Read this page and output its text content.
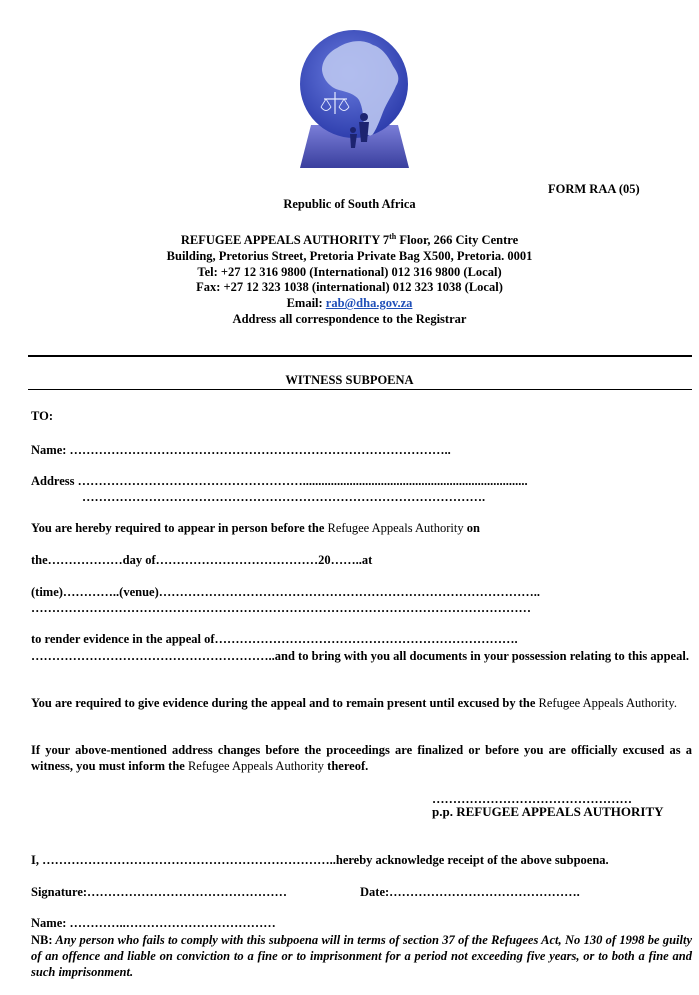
FORM RAA (05)
Republic of South Africa
REFUGEE APPEALS AUTHORITY 7th Floor, 266 City Centre
Building, Pretorius Street, Pretoria Private Bag X500, Pretoria. 0001
Tel: +27 12 316 9800 (International) 012 316 9800 (Local)
Fax: +27 12 323 1038 (international) 012 323 1038 (Local)
Email: rab@dha.gov.za
Address all correspondence to the Registrar
WITNESS SUBPOENA
TO:
Name: ………………………………………………………………………………..
Address ………………………………………………........................................................................
…………………………………………………………………………………….
You are hereby required to appear in person before the Refugee Appeals Authority on
the………………day of…………………………………20……..at
(time)…………..(venue)………………………………………………………………………………..
…………………………………………………………………………………………………………
to render evidence in the appeal of……………………………………………………………….
…………………………………………………..and to bring with you all documents in your possession relating to this appeal.
You are required to give evidence during the appeal and to remain present until excused by the Refugee Appeals Authority.
If your above-mentioned address changes before the proceedings are finalized or before you are officially excused as a witness, you must inform the Refugee Appeals Authority thereof.
…………………………………………
p.p. REFUGEE APPEALS AUTHORITY
I, ……………………………………………………………..hereby acknowledge receipt of the above subpoena.
Signature:…………………………………………	Date:……………………………………….
Name: …………..………………………………
NB: Any person who fails to comply with this subpoena will in terms of section 37 of the Refugees Act, No 130 of 1998 be guilty of an offence and liable on conviction to a fine or to imprisonment for a period not exceeding five years, or to both a fine and such imprisonment.
